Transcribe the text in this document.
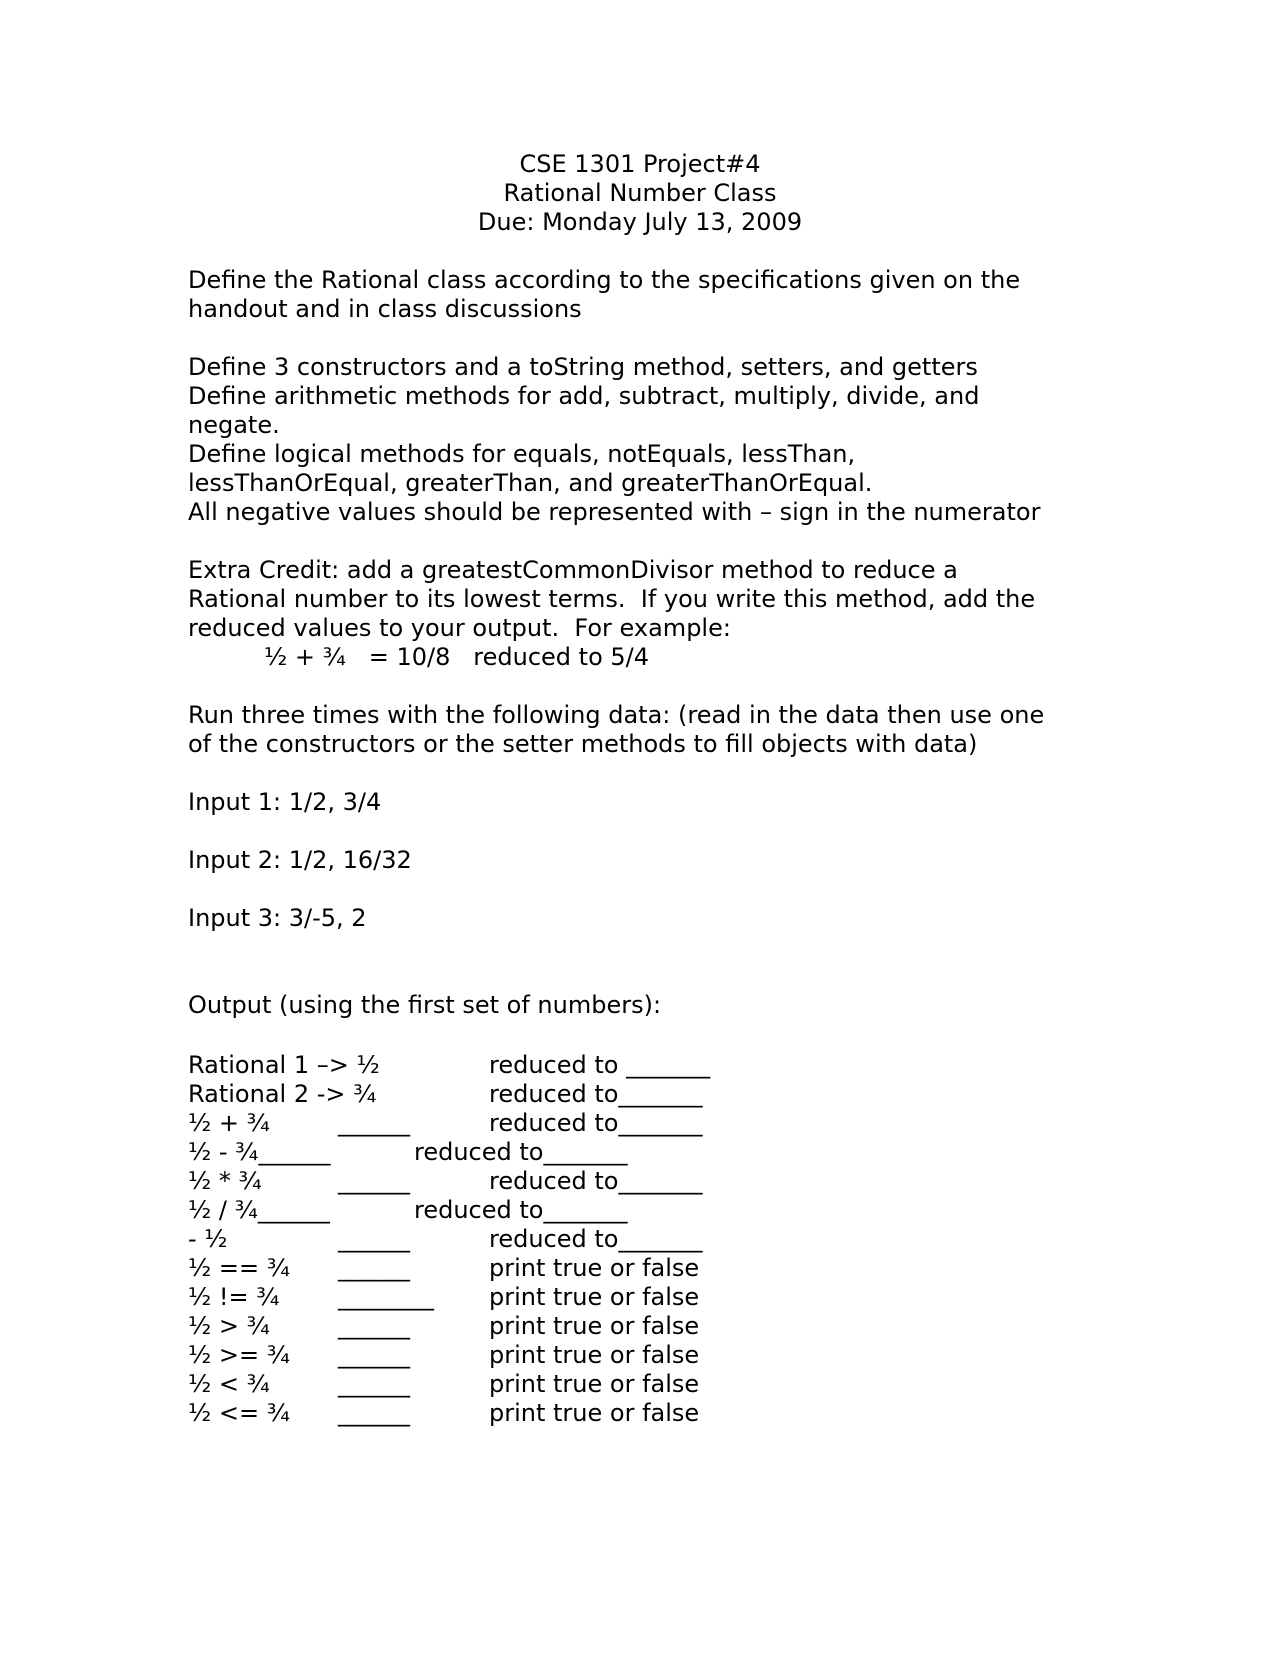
CSE 1301 Project#4
Rational Number Class
Due: Monday July 13, 2009
Define the Rational class according to the specifications given on the
handout and in class discussions
Define 3 constructors and a toString method, setters, and getters
Define arithmetic methods for add, subtract, multiply, divide, and
negate.
Define logical methods for equals, notEquals, lessThan,
lessThanOrEqual, greaterThan, and greaterThanOrEqual.
All negative values should be represented with – sign in the numerator
Extra Credit: add a greatestCommonDivisor method to reduce a
Rational number to its lowest terms.  If you write this method, add the
reduced values to your output.  For example:
½ + ¾   = 10/8   reduced to 5/4
Run three times with the following data: (read in the data then use one
of the constructors or the setter methods to fill objects with data)
Input 1: 1/2, 3/4
Input 2: 1/2, 16/32
Input 3: 3/-5, 2
Output (using the first set of numbers):
Rational 1 –> ½	reduced to _______
Rational 2 -> ¾	reduced to_______
½ + ¾	______	reduced to_______
½ - ¾______	reduced to_______
½ * ¾	______	reduced to_______
½ / ¾______	reduced to_______
- ½	______	reduced to_______
½ == ¾ ______	print true or false
½ != ¾ ________ print true or false
½ > ¾	______	print true or false
½ >= ¾ ______	print true or false
½ < ¾	______	print true or false
½ <= ¾ ______	print true or false
